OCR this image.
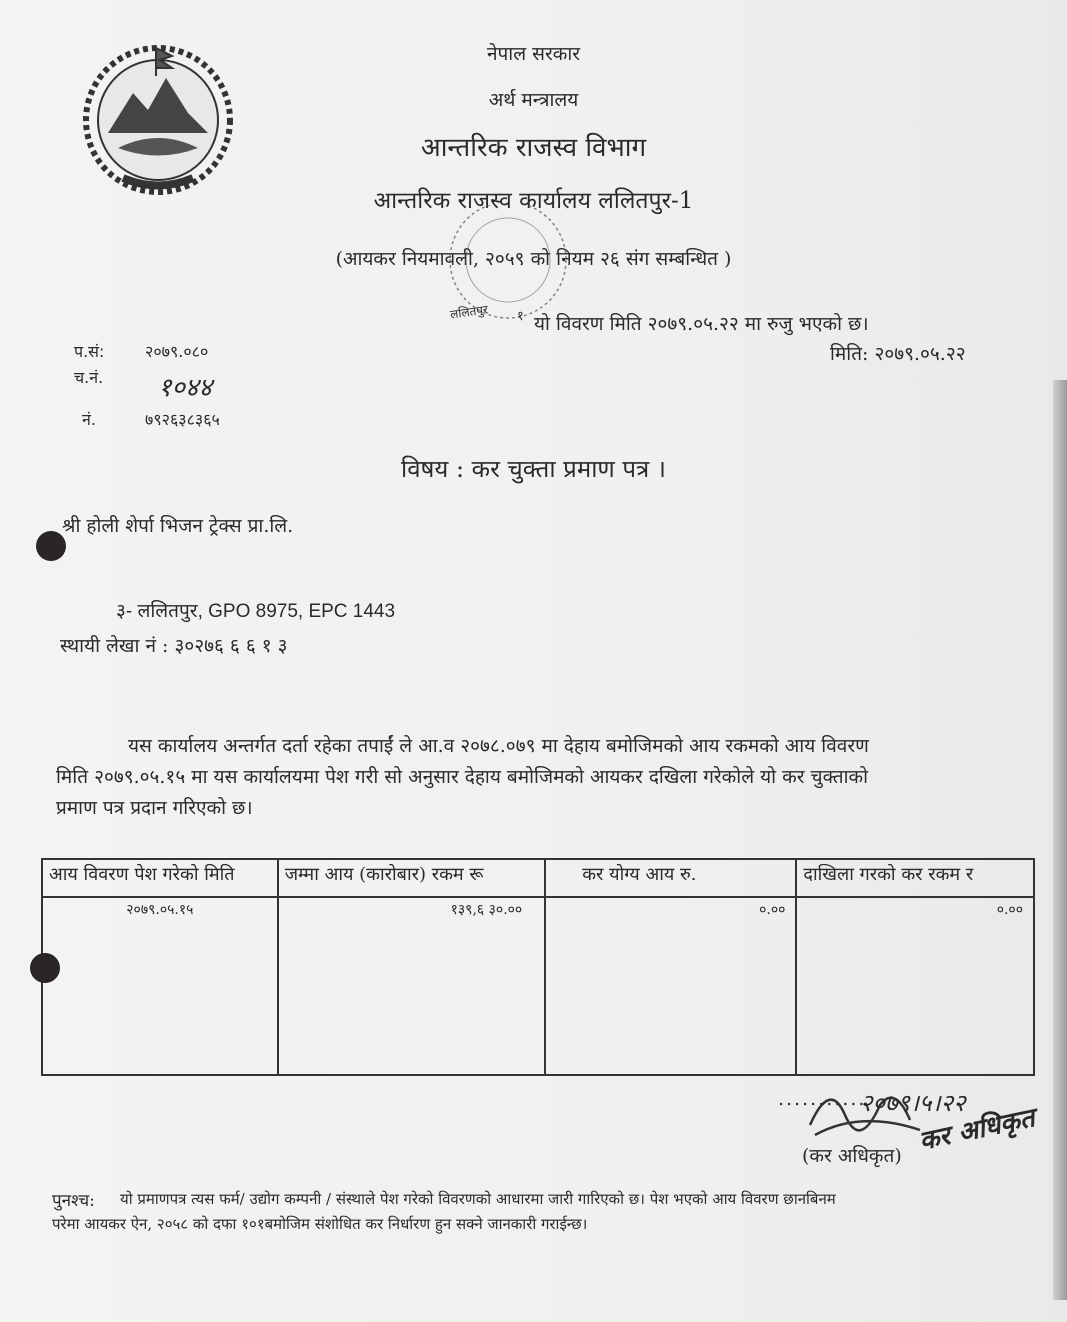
नेपाल सरकार
अर्थ मन्त्रालय
आन्तरिक राजस्व विभाग
आन्तरिक राजस्व कार्यालय ललितपुर-1
(आयकर नियमावली, २०५९ को नियम २६ संग सम्बन्धित )
ललितपुर १ यो विवरण मिति २०७९.०५.२२ मा रुजु भएको छ।
प.सं:	२०७९.०८०
च.नं. १०४४
नं.	७९२६३८३६५
मिति: २०७९.०५.२२
विषय : कर चुक्ता प्रमाण पत्र ।
श्री होली शेर्पा भिजन ट्रेक्स प्रा.लि.
३- ललितपुर, GPO 8975, EPC 1443
स्थायी लेखा नं : ३०२७६ ६ ६ १ ३
यस कार्यालय अन्तर्गत दर्ता रहेका तपाईं ले आ.व २०७८.०७९ मा देहाय बमोजिमको आय रकमको आय विवरण
मिति २०७९.०५.१५ मा यस कार्यालयमा पेश गरी सो अनुसार देहाय बमोजिमको आयकर दखिला गरेकोले यो कर चुक्ताको
प्रमाण पत्र प्रदान गरिएको छ।
आय विवरण पेश गरेको मिति	जम्मा आय (कारोबार) रकम रू	कर योग्य आय रु.	दाखिला गरको कर रकम र
२०७९.०५.१५	१३९,६ ३०.००	०.००	०.००
...........
२०७९।५।२२
(कर अधिकृत) कर अधिकृत
पुनश्च: यो प्रमाणपत्र त्यस फर्म/ उद्योग कम्पनी / संस्थाले पेश गरेको विवरणको आधारमा जारी गारिएको छ। पेश भएको आय विवरण छानबिनम
परेमा आयकर ऐन, २०५८ को दफा १०१बमोजिम संशोधित कर निर्धारण हुन सक्ने जानकारी गराईन्छ।
